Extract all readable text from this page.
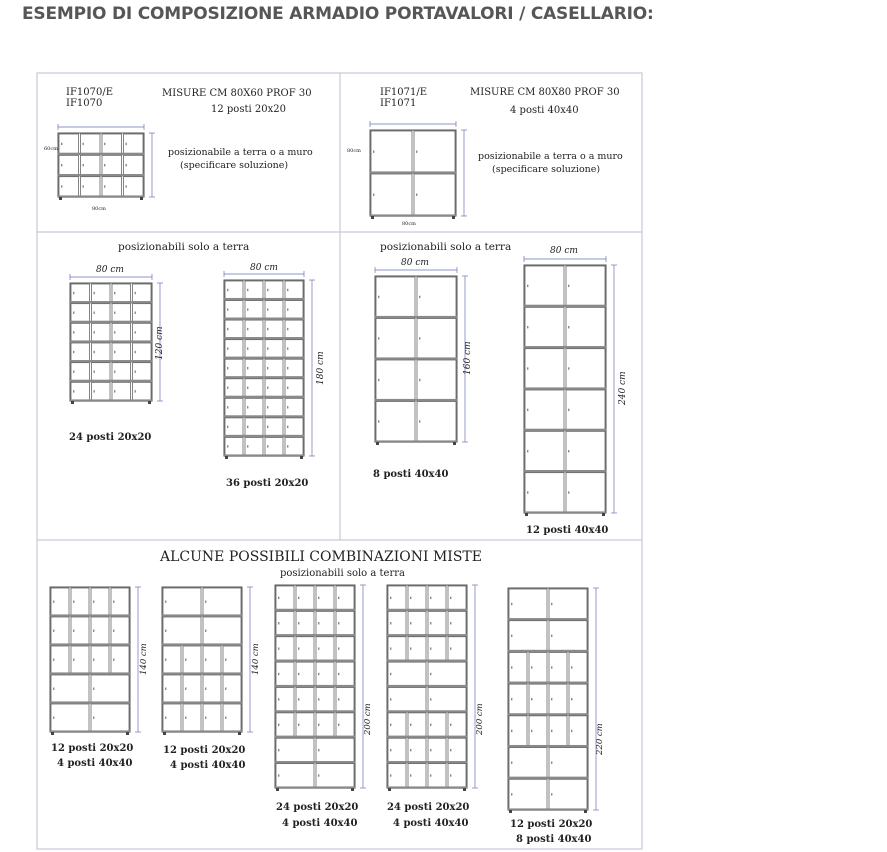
ESEMPIO DI COMPOSIZIONE ARMADIO PORTAVALORI / CASELLARIO:
IF1070/E
IF1070
MISURE CM 80X60 PROF 30
12 posti 20x20
posizionabile a terra o a muro
(specificare soluzione)
80cm
60cm
IF1071/E
IF1071
MISURE CM 80X80 PROF 30
4 posti 40x40
posizionabile a terra o a muro
(specificare soluzione)
80cm
80cm
posizionabili solo a terra
80 cm
120 cm
24 posti 20x20
80 cm
180 cm
36 posti 20x20
posizionabili solo a terra
80 cm
160 cm
8 posti 40x40
80 cm
240 cm
12 posti 40x40
ALCUNE POSSIBILI COMBINAZIONI MISTE
posizionabili solo a terra
140 cm
12 posti 20x20
4 posti 40x40
140 cm
12 posti 20x20
4 posti 40x40
200 cm
24 posti 20x20
4 posti 40x40
200 cm
24 posti 20x20
4 posti 40x40
220 cm
12 posti 20x20
8 posti 40x40
